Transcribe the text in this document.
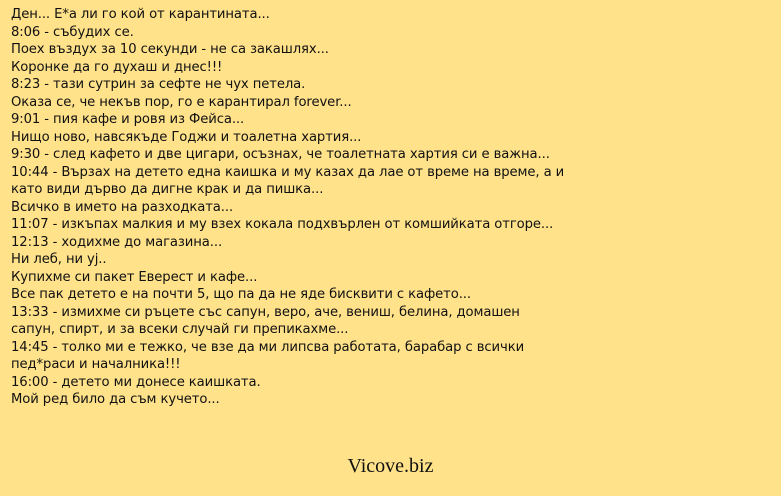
Ден... Е*а ли го кой от карантината...
8:06 - събудих се.
Поех въздух за 10 секунди - не са закашлях...
Коронке да го духаш и днес!!!
8:23 - тази сутрин за сефте не чух петела.
Оказа се, че некъв пор, го е карантирал forever...
9:01 - пия кафе и ровя из Фейса...
Нищо ново, навсякъде Годжи и тоалетна хартия...
9:30 - след кафето и две цигари, осъзнах, че тоалетната хартия си е важна...
10:44 - Вързах на детето една каишка и му казах да лае от време на време, а и
като види дърво да дигне крак и да пишка...
Всичко в името на разходката...
11:07 - изкъпах малкия и му взех кокала подхвърлен от комшийката отгоре...
12:13 - ходихме до магазина...
Ни леб, ни уј..
Купихме си пакет Еверест и кафе...
Все пак детето е на почти 5, щo па да не яде бисквити с кафето...
13:33 - измихме си ръцете със сапун, веро, аче, вениш, белина, домашен
сапун, спирт, и за всеки случай ги препикахме...
14:45 - толко ми е тежко, че взе да ми липсва работата, барабар с всички
пед*раси и началника!!!
16:00 - детето ми донесе каишката.
Мой ред било да съм кучето...
Vicove.biz
